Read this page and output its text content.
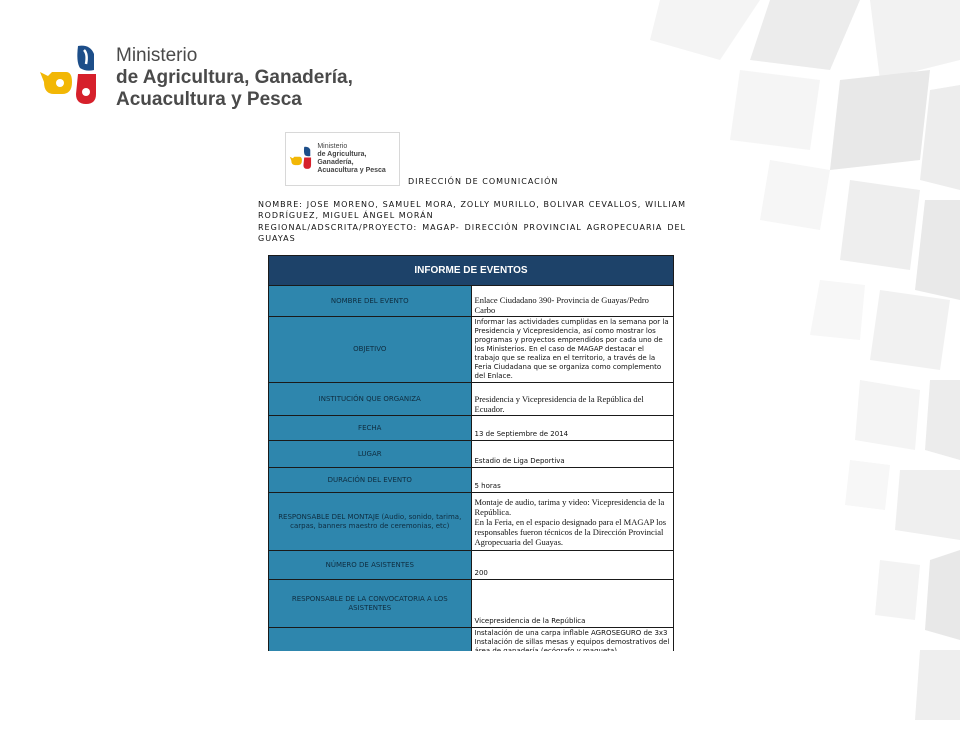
Ministerio
de Agricultura, Ganadería,
Acuacultura y Pesca
Ministerio
de Agricultura, Ganadería,
Acuacultura y Pesca
DIRECCIÓN DE COMUNICACIÓN
NOMBRE: JOSE MORENO, SAMUEL MORA, ZOLLY MURILLO, BOLIVAR CEVALLOS, WILLIAM
RODRÍGUEZ, MIGUEL ÁNGEL MORÁN
REGIONAL/ADSCRITA/PROYECTO: MAGAP- DIRECCIÓN PROVINCIAL AGROPECUARIA DEL
GUAYAS
INFORME DE EVENTOS	
NOMBRE DEL EVENTO	Enlace Ciudadano 390- Provincia de Guayas/Pedro Carbo
OBJETIVO	Informar las actividades cumplidas en la semana por la Presidencia y Vicepresidencia, así como mostrar los programas y proyectos emprendidos por cada uno de los Ministerios. En el caso de MAGAP destacar el trabajo que se realiza en el territorio, a través de la Feria Ciudadana que se organiza como complemento del Enlace.
INSTITUCIÓN QUE ORGANIZA	Presidencia y Vicepresidencia de la República del Ecuador.
FECHA	13 de Septiembre de 2014
LUGAR	Estadio de Liga Deportiva
DURACIÓN DEL EVENTO	5 horas
RESPONSABLE DEL MONTAJE (Audio, sonido, tarima, carpas, banners maestro de ceremonias, etc)	Montaje de audio, tarima y video: Vicepresidencia de la República.

En la Feria, en el espacio designado para el MAGAP los responsables fueron técnicos de la Dirección Provincial Agropecuaria del Guayas.

NÚMERO DE ASISTENTES	200
RESPONSABLE DE LA CONVOCATORIA A LOS ASISTENTES	Vicepresidencia de la República

Instalación de una carpa inflable AGROSEGURO de 3x3

Instalación de sillas mesas y equipos demostrativos del
